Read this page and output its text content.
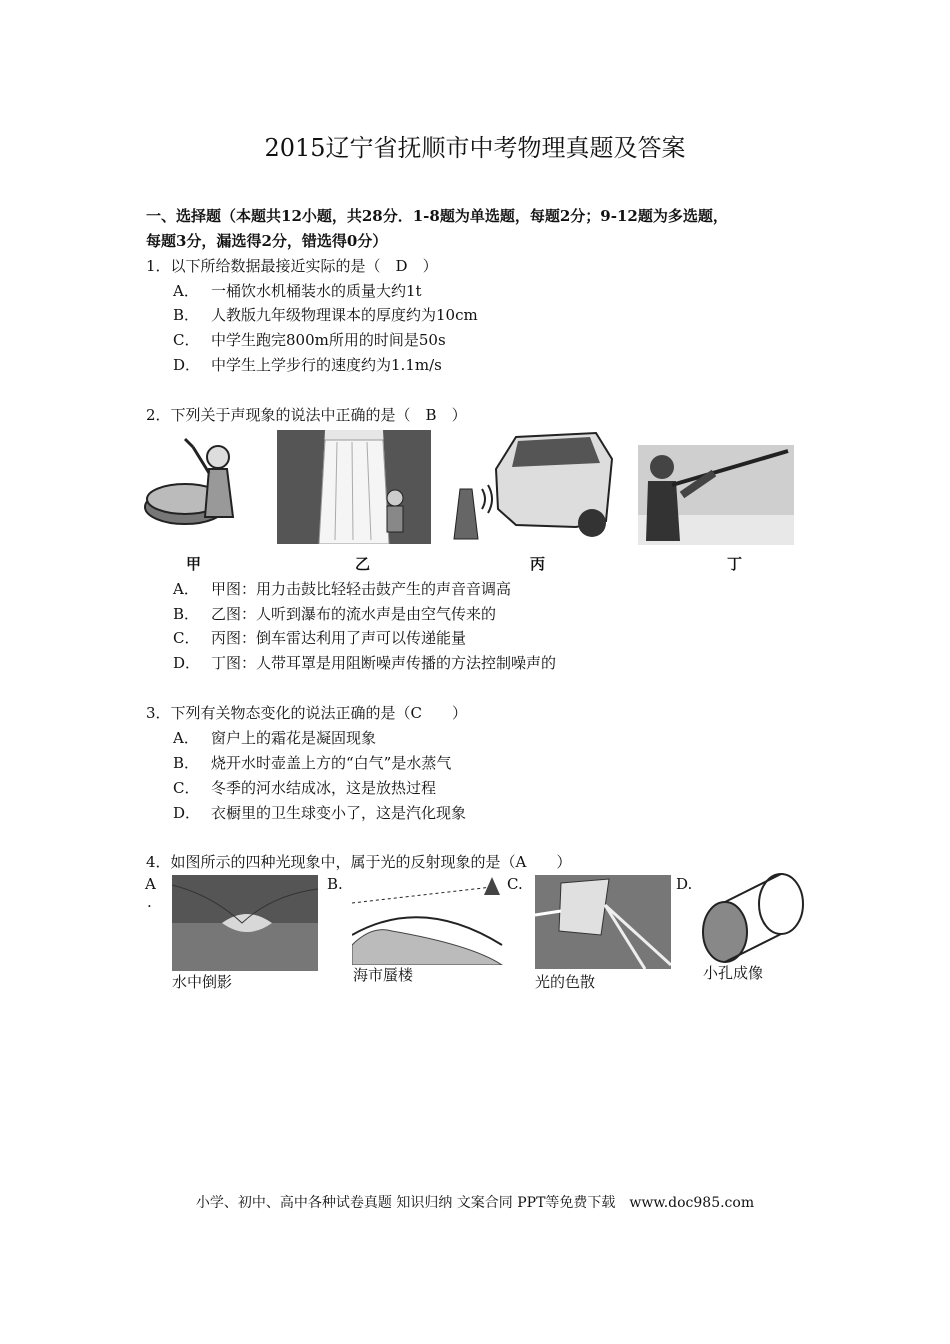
2015辽宁省抚顺市中考物理真题及答案
一、选择题（本题共12小题，共28分．1-8题为单选题，每题2分；9-12题为多选题，
每题3分，漏选得2分，错选得0分）
1．以下所给数据最接近实际的是（　D　）
A． 一桶饮水机桶装水的质量大约1t
B． 人教版九年级物理课本的厚度约为10cm
C． 中学生跑完800m所用的时间是50s
D． 中学生上学步行的速度约为1.1m/s
2．下列关于声现象的说法中正确的是（　B　）
甲	乙	丙	丁
A． 甲图：用力击鼓比轻轻击鼓产生的声音音调高
B． 乙图：人听到瀑布的流水声是由空气传来的
C． 丙图：倒车雷达利用了声可以传递能量
D． 丁图：人带耳罩是用阻断噪声传播的方法控制噪声的
3．下列有关物态变化的说法正确的是（C　　）
A． 窗户上的霜花是凝固现象
B． 烧开水时壶盖上方的“白气”是水蒸气
C． 冬季的河水结成冰，这是放热过程
D． 衣橱里的卫生球变小了，这是汽化现象
4．如图所示的四种光现象中，属于光的反射现象的是（A　　）
A
.
B.	C.	D.
水中倒影	海市蜃楼	光的色散	小孔成像
小学、初中、高中各种试卷真题 知识归纳 文案合同 PPT等免费下载　www.doc985.com
